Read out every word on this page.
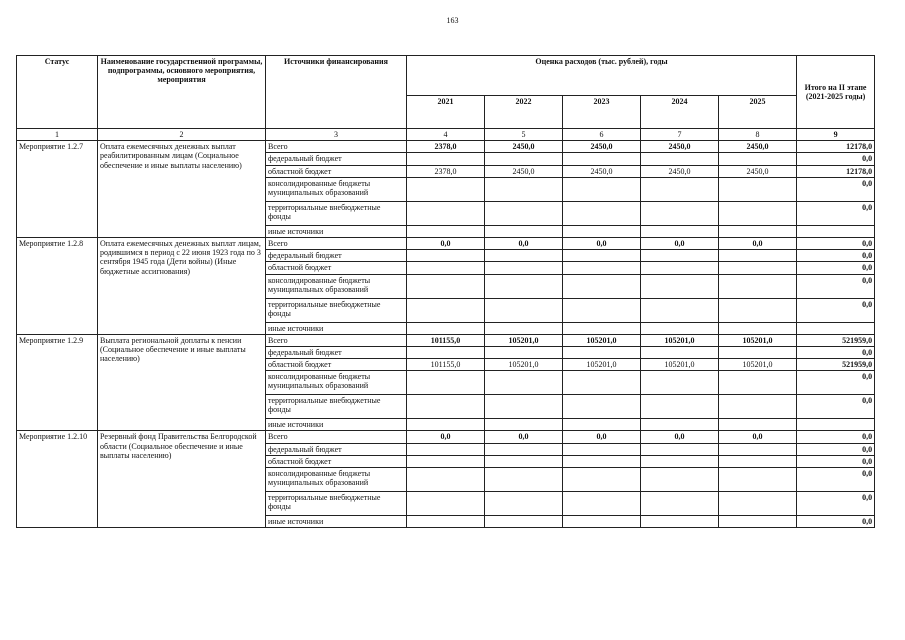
163
Статус	Наименование государственной программы, подпрограммы, основного мероприятия, мероприятия	Источники финансирования	Оценка расходов (тыс. рублей), годы					Итого на II этапе (2021-2025 годы)
			2021	2022	2023	2024	2025	
1	2	3	4	5	6	7	8	9
Мероприятие 1.2.7	Оплата ежемесячных денежных выплат реабилитированным лицам (Социальное обеспечение и иные выплаты населению)	Всего	2378,0	2450,0	2450,0	2450,0	2450,0	12178,0
		федеральный бюджет						0,0
		областной бюджет	2378,0	2450,0	2450,0	2450,0	2450,0	12178,0
		консолидированные бюджеты муниципальных образований						0,0
		территориальные внебюджетные фонды						0,0
		иные источники						
Мероприятие 1.2.8	Оплата ежемесячных денежных выплат лицам, родившимся в период с 22 июня 1923 года по 3 сентября 1945 года (Дети войны) (Иные бюджетные ассигнования)	Всего	0,0	0,0	0,0	0,0	0,0	0,0
		федеральный бюджет						0,0
		областной бюджет						0,0
		консолидированные бюджеты муниципальных образований						0,0
		территориальные внебюджетные фонды						0,0
		иные источники						
Мероприятие 1.2.9	Выплата региональной доплаты к пенсии (Социальное обеспечение и иные выплаты населению)	Всего	101155,0	105201,0	105201,0	105201,0	105201,0	521959,0
		федеральный бюджет						0,0
		областной бюджет	101155,0	105201,0	105201,0	105201,0	105201,0	521959,0
		консолидированные бюджеты муниципальных образований						0,0
		территориальные внебюджетные фонды						0,0
		иные источники						
Мероприятие 1.2.10	Резервный фонд Правительства Белгородской области (Социальное обеспечение и иные выплаты населению)	Всего	0,0	0,0	0,0	0,0	0,0	0,0
		федеральный бюджет						0,0
		областной бюджет						0,0
		консолидированные бюджеты муниципальных образований						0,0
		территориальные внебюджетные фонды						0,0
		иные источники						0,0
